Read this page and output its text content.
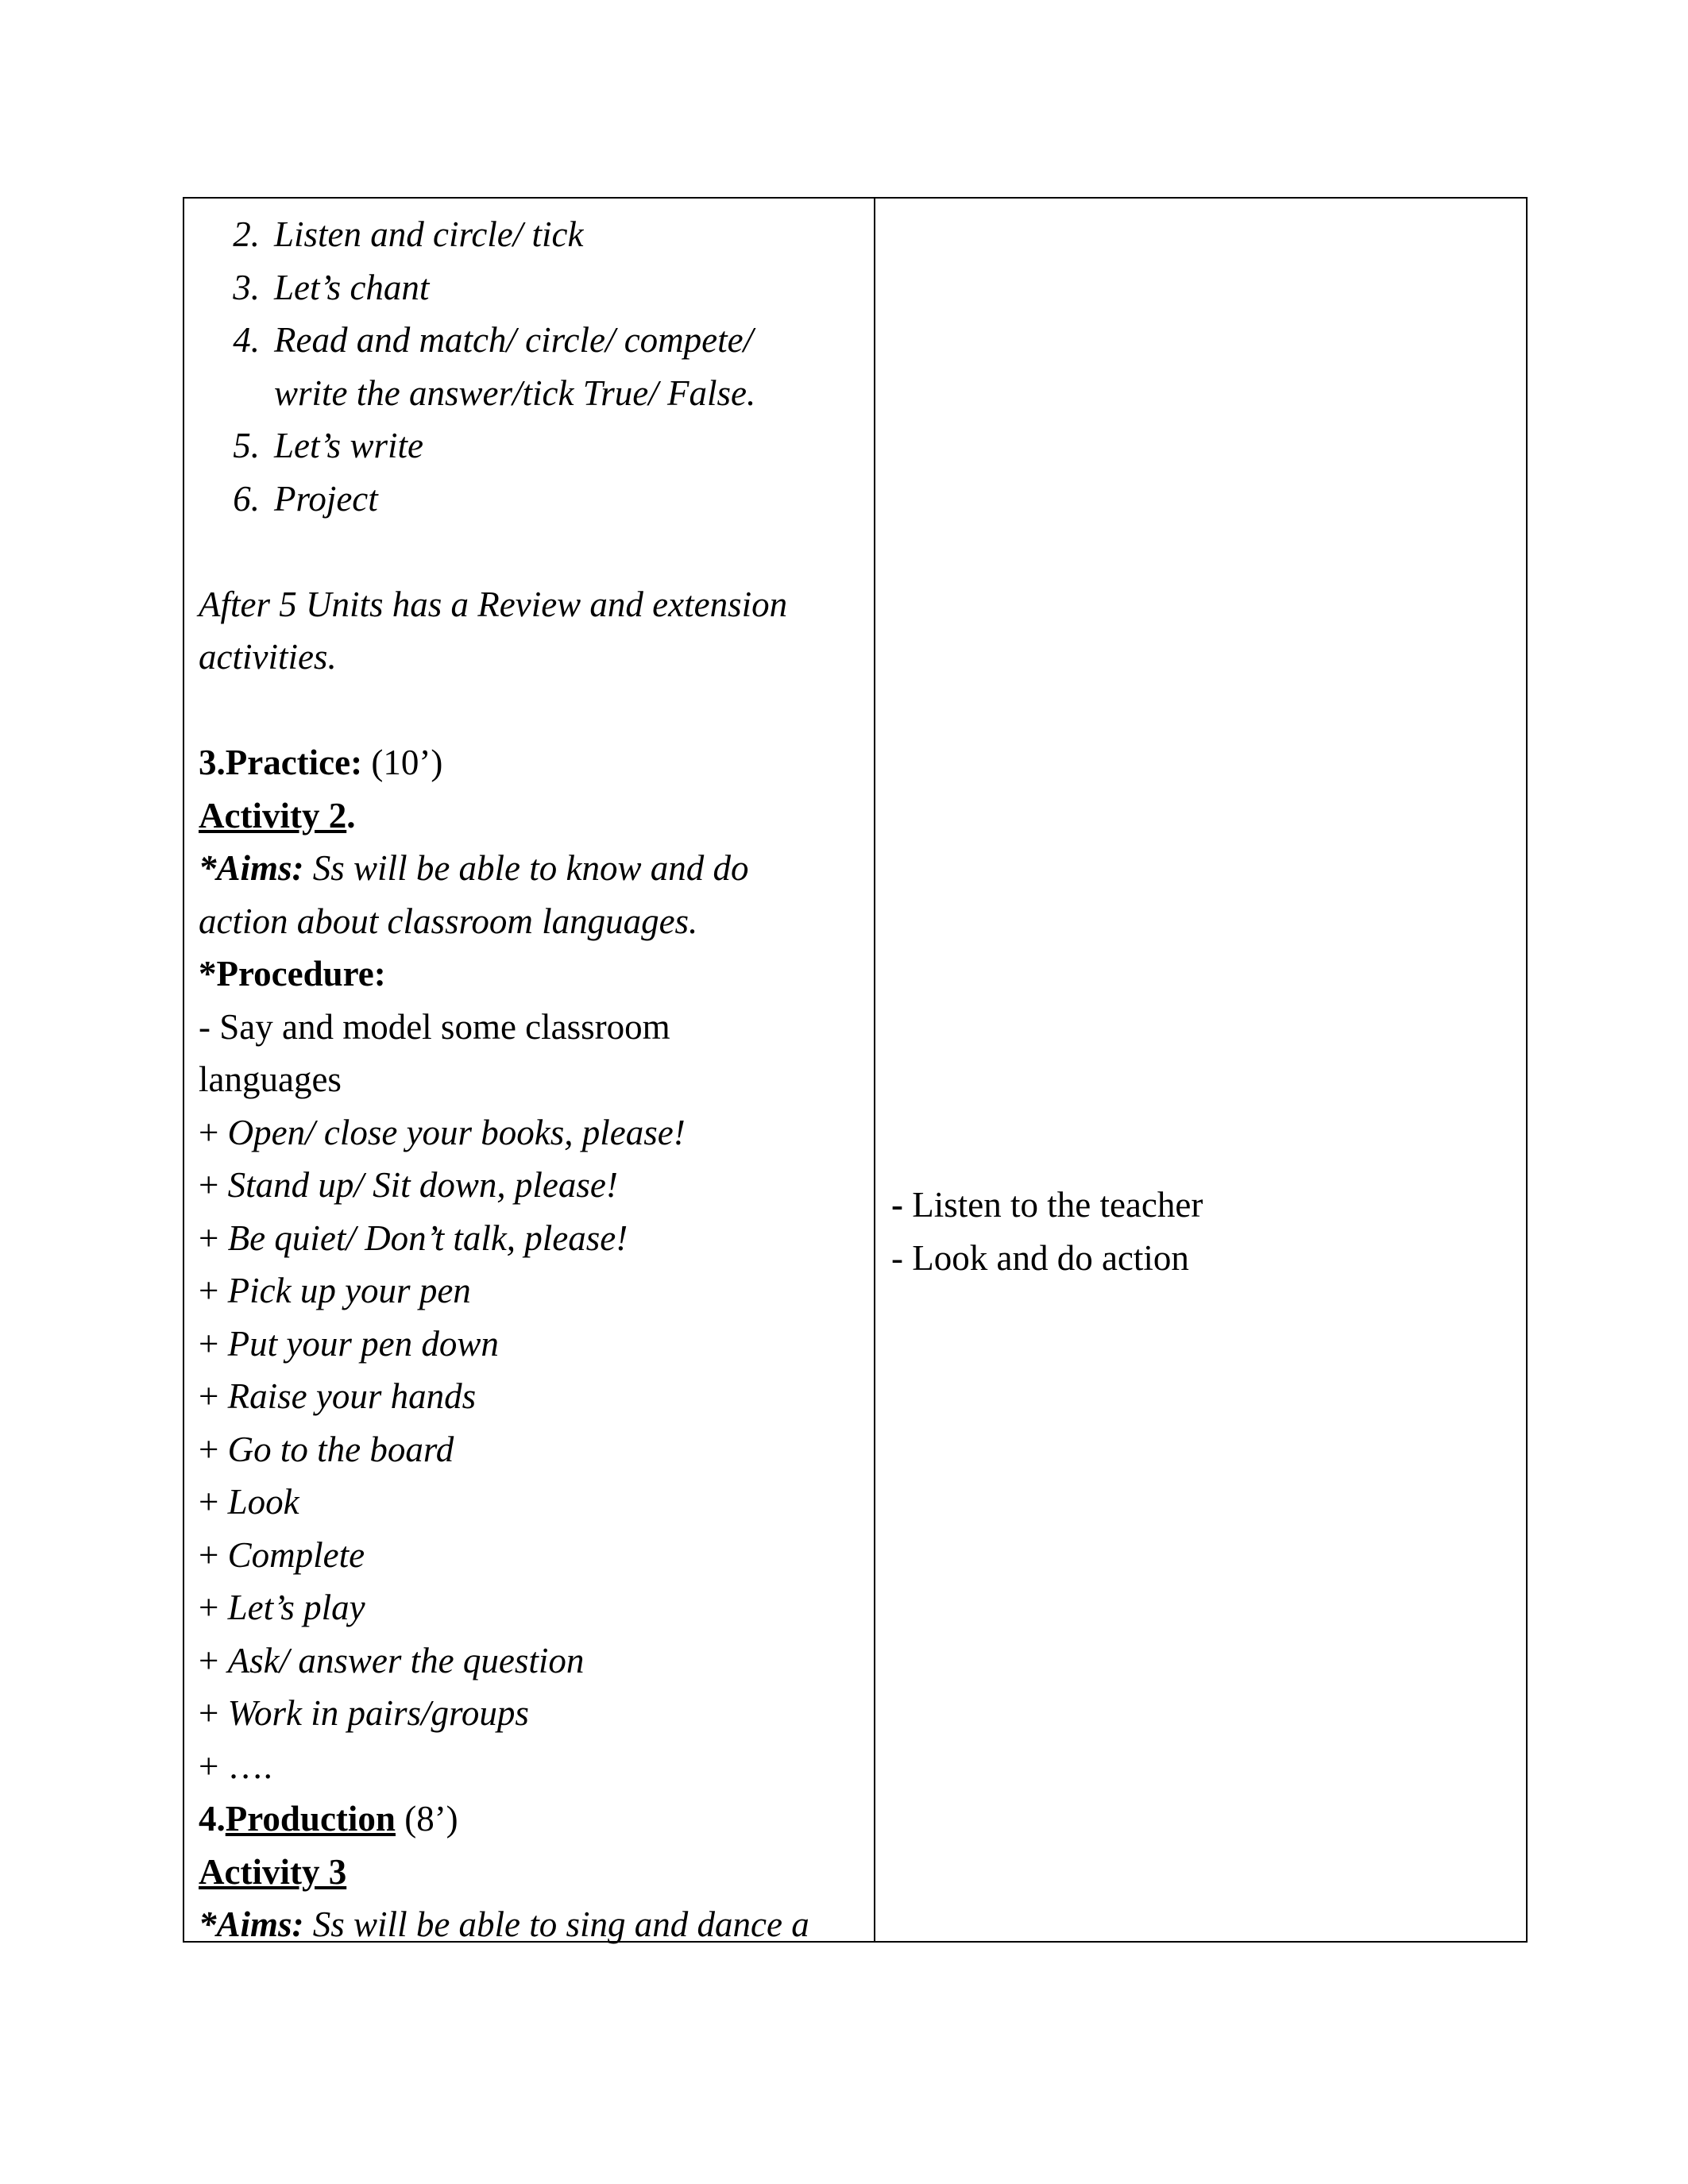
2. Listen and circle/ tick
3. Let’s chant
4. Read and match/ circle/ compete/
write the answer/tick True/ False.
5. Let’s write
6. Project
After 5 Units has a Review and extension
activities.
3.Practice: (10’)
Activity 2.
*Aims: Ss will be able to know and do
action about classroom languages.
*Procedure:
- Say and model some classroom
languages
+ Open/ close your books, please!
+ Stand up/ Sit down, please!
+ Be quiet/ Don’t talk, please!
+ Pick up your pen
+ Put your pen down
+ Raise your hands
+ Go to the board
+ Look
+ Complete
+ Let’s play
+ Ask/ answer the question
+ Work in pairs/groups
+ ….
4.Production (8’)
Activity 3
*Aims: Ss will be able to sing and dance a
- Listen to the teacher
- Look and do action
